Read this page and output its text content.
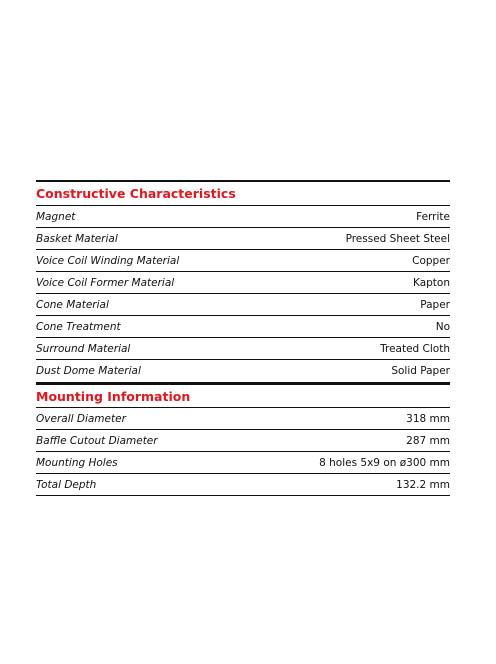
Constructive Characteristics
Magnet	Ferrite
Basket Material	Pressed Sheet Steel
Voice Coil Winding Material	Copper
Voice Coil Former Material	Kapton
Cone Material	Paper
Cone Treatment	No
Surround Material	Treated Cloth
Dust Dome Material	Solid Paper
Mounting Information
Overall Diameter	318 mm
Baffle Cutout Diameter	287 mm
Mounting Holes	8 holes 5x9 on ø300 mm
Total Depth	132.2 mm
